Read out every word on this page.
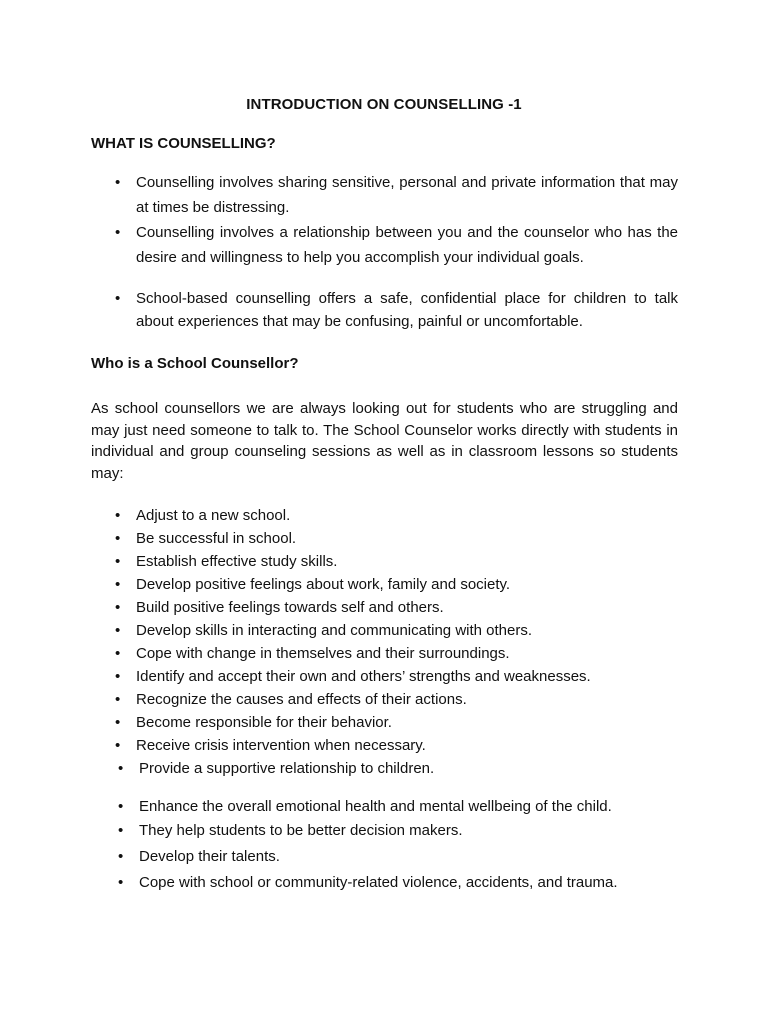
INTRODUCTION ON COUNSELLING -1
WHAT IS COUNSELLING?
• Counselling involves sharing sensitive, personal and private information that may at times be distressing.
• Counselling involves a relationship between you and the counselor who has the desire and willingness to help you accomplish your individual goals.
• School-based counselling offers a safe, confidential place for children to talk about experiences that may be confusing, painful or uncomfortable.
Who is a School Counsellor?

As school counsellors we are always looking out for students who are struggling and may just need someone to talk to. The School Counselor works directly with students in individual and group counseling sessions as well as in classroom lessons so students may:

• Adjust to a new school.
• Be successful in school.
• Establish effective study skills.
• Develop positive feelings about work, family and society.
• Build positive feelings towards self and others.
• Develop skills in interacting and communicating with others.
• Cope with change in themselves and their surroundings.
• Identify and accept their own and others’ strengths and weaknesses.
• Recognize the causes and effects of their actions.
• Become responsible for their behavior.
• Receive crisis intervention when necessary.
• Provide a supportive relationship to children.
• Enhance the overall emotional health and mental wellbeing of the child.
• They help students to be better decision makers.
• Develop their talents.
• Cope with school or community-related violence, accidents, and trauma.
